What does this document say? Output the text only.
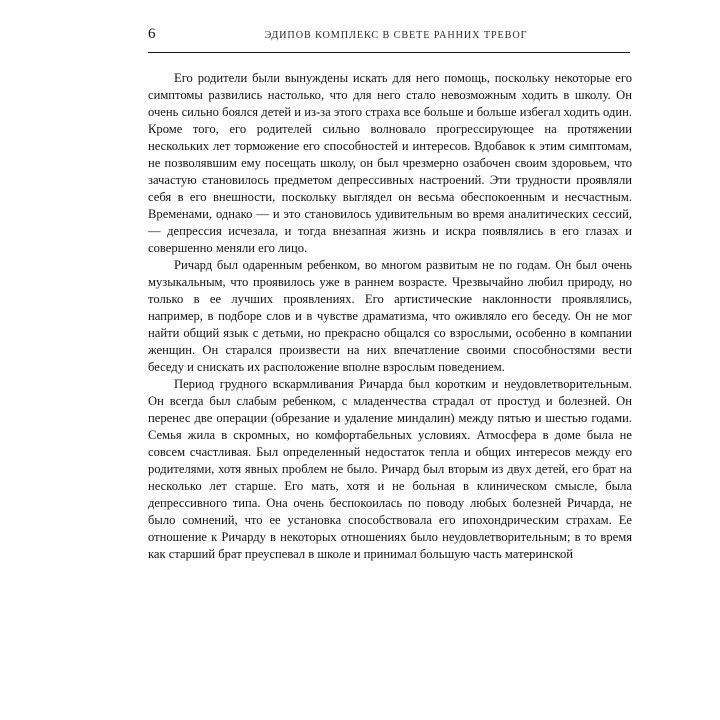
6	ЭДИПОВ КОМПЛЕКС В СВЕТЕ РАННИХ ТРЕВОГ

Его родители были вынуждены искать для него помощь, поскольку некоторые его симптомы развились настолько, что для него стало невозможным ходить в школу. Он очень сильно боялся детей и из-за этого страха все больше и больше избегал ходить один. Кроме того, его родителей сильно волновало прогрессирующее на протяжении нескольких лет торможение его способностей и интересов. Вдобавок к этим симптомам, не позволявшим ему посещать школу, он был чрезмерно озабочен своим здоровьем, что зачастую становилось предметом депрессивных настроений. Эти трудности проявляли себя в его внешности, поскольку выглядел он весьма обеспокоенным и несчастным. Временами, однако — и это становилось удивительным во время аналитических сессий, — депрессия исчезала, и тогда внезапная жизнь и искра появлялись в его глазах и совершенно меняли его лицо.

Ричард был одаренным ребенком, во многом развитым не по годам. Он был очень музыкальным, что проявилось уже в раннем возрасте. Чрезвычайно любил природу, но только в ее лучших проявлениях. Его артистические наклонности проявлялись, например, в подборе слов и в чувстве драматизма, что оживляло его беседу. Он не мог найти общий язык с детьми, но прекрасно общался со взрослыми, особенно в компании женщин. Он старался произвести на них впечатление своими способностями вести беседу и снискать их расположение вполне взрослым поведением.

Период грудного вскармливания Ричарда был коротким и неудовлетворительным. Он всегда был слабым ребенком, с младенчества страдал от простуд и болезней. Он перенес две операции (обрезание и удаление миндалин) между пятью и шестью годами. Семья жила в скромных, но комфортабельных условиях. Атмосфера в доме была не совсем счастливая. Был определенный недостаток тепла и общих интересов между его родителями, хотя явных проблем не было. Ричард был вторым из двух детей, его брат на несколько лет старше. Его мать, хотя и не больная в клиническом смысле, была депрессивного типа. Она очень беспокоилась по поводу любых болезней Ричарда, не было сомнений, что ее установка способствовала его ипохондрическим страхам. Ее отношение к Ричарду в некоторых отношениях было неудовлетворительным; в то время как старший брат преуспевал в школе и принимал большую часть материнской
